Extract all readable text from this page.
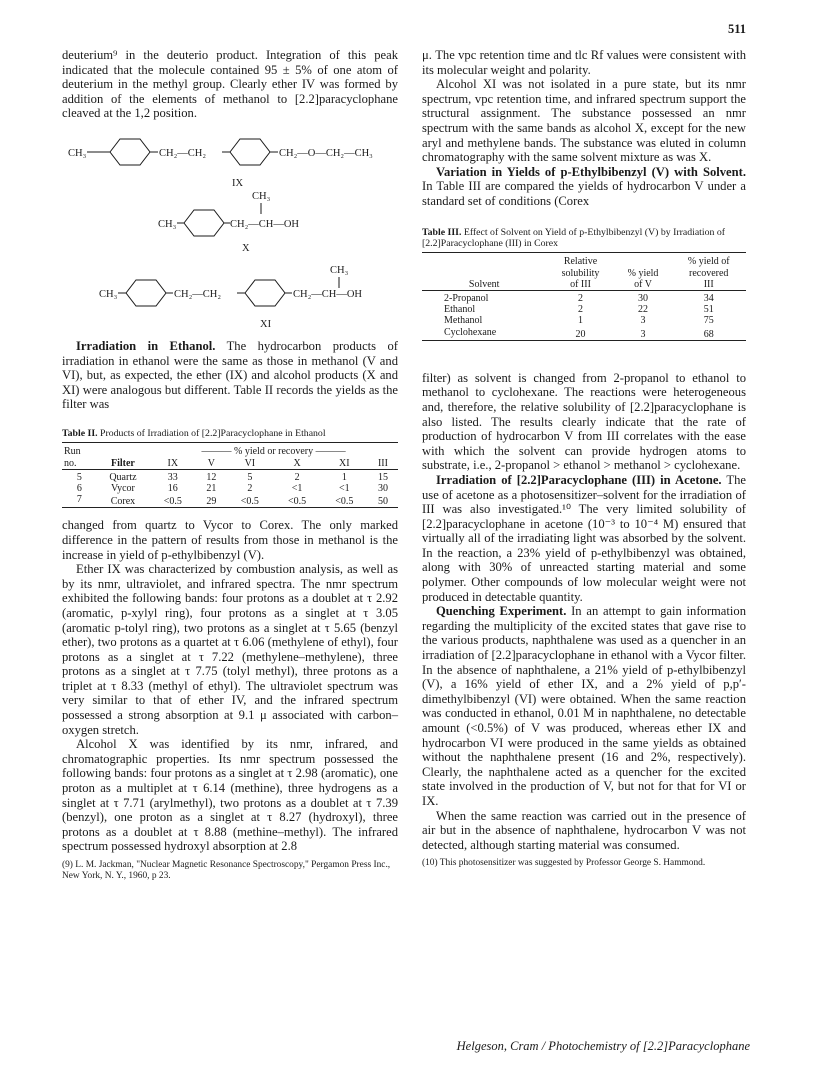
511

deuterium⁹ in the deuterio product. Integration of this peak indicated that the molecule contained 95 ± 5% of one atom of deuterium in the methyl group. Clearly ether IV was formed by addition of the elements of methanol to [2.2]paracyclophane cleaved at the 1,2 position.

CH₃	CH₂—CH₂	CH₂—O—CH₂—CH₃
IX
CH₃
CH₃	CH₂—CH—OH
X
CH₃
CH₃	CH₂—CH₂	CH₂—CH—OH
XI

Irradiation in Ethanol. The hydrocarbon products of irradiation in ethanol were the same as those in methanol (V and VI), but, as expected, the ether (IX) and alcohol products (X and XI) were analogous but different. Table II records the yields as the filter was

Table II. Products of Irradiation of [2.2]Paracyclophane in Ethanol

Run		——— % yield or recovery ———					
no.	Filter	IX	V	VI	X	XI	III
5	Quartz	33	12	5	2	1	15
6	Vycor	16	21	2	<1	<1	30
7	Corex	<0.5	29	<0.5	<0.5	<0.5	50

changed from quartz to Vycor to Corex. The only marked difference in the pattern of results from those in methanol is the increase in yield of p-ethylbibenzyl (V).

Ether IX was characterized by combustion analysis, as well as by its nmr, ultraviolet, and infrared spectra. The nmr spectrum exhibited the following bands: four protons as a doublet at τ 2.92 (aromatic, p-xylyl ring), four protons as a singlet at τ 3.05 (aromatic p-tolyl ring), two protons as a singlet at τ 5.65 (benzyl ether), two protons as a quartet at τ 6.06 (methylene of ethyl), four protons as a singlet at τ 7.22 (methylene–methylene), three protons as a singlet at τ 7.75 (tolyl methyl), three protons as a triplet at τ 8.33 (methyl of ethyl). The ultraviolet spectrum was very similar to that of ether IV, and the infrared spectrum possessed a strong absorption at 9.1 μ associated with carbon–oxygen stretch.

Alcohol X was identified by its nmr, infrared, and chromatographic properties. Its nmr spectrum possessed the following bands: four protons as a singlet at τ 2.98 (aromatic), one proton as a multiplet at τ 6.14 (methine), three hydrogens as a singlet at τ 7.71 (arylmethyl), two protons as a doublet at τ 7.39 (benzyl), one proton as a singlet at τ 8.27 (hydroxyl), three protons as a doublet at τ 8.88 (methine–methyl). The infrared spectrum possessed hydroxyl absorption at 2.8

(9) L. M. Jackman, "Nuclear Magnetic Resonance Spectroscopy," Pergamon Press Inc., New York, N. Y., 1960, p 23.

μ. The vpc retention time and tlc Rf values were consistent with its molecular weight and polarity.

Alcohol XI was not isolated in a pure state, but its nmr spectrum, vpc retention time, and infrared spectrum support the structural assignment. The substance possessed an nmr spectrum with the same bands as alcohol X, except for the new aryl and methylene bands. The substance was eluted in column chromatography with the same solvent mixture as was X.

Variation in Yields of p-Ethylbibenzyl (V) with Solvent. In Table III are compared the yields of hydrocarbon V under a standard set of conditions (Corex

Table III. Effect of Solvent on Yield of p-Ethylbibenzyl (V) by Irradiation of [2.2]Paracyclophane (III) in Corex

Solvent	Relative
solubility
of III	% yield
of V	% yield of
recovered
III
2-Propanol	2	30	34
Ethanol	2	22	51
Methanol	1	3	75
Cyclohexane	20	3	68

filter) as solvent is changed from 2-propanol to ethanol to methanol to cyclohexane. The reactions were heterogeneous and, therefore, the relative solubility of [2.2]paracyclophane is also listed. The results clearly indicate that the rate of production of hydrocarbon V from III correlates with the ease with which the solvent can provide hydrogen atoms to substrate, i.e., 2-propanol > ethanol > methanol > cyclohexane.

Irradiation of [2.2]Paracyclophane (III) in Acetone. The use of acetone as a photosensitizer–solvent for the irradiation of III was also investigated.¹⁰ The very limited solubility of [2.2]paracyclophane in acetone (10⁻³ to 10⁻⁴ M) ensured that virtually all of the irradiating light was absorbed by the solvent. In the reaction, a 23% yield of p-ethylbibenzyl was obtained, along with 30% of unreacted starting material and some polymer. Other compounds of low molecular weight were not produced in detectable quantity.

Quenching Experiment. In an attempt to gain information regarding the multiplicity of the excited states that gave rise to the various products, naphthalene was used as a quencher in an irradiation of [2.2]paracyclophane in ethanol with a Vycor filter. In the absence of naphthalene, a 21% yield of p-ethylbibenzyl (V), a 16% yield of ether IX, and a 2% yield of p,p′-dimethylbibenzyl (VI) were obtained. When the same reaction was conducted in ethanol, 0.01 M in naphthalene, no detectable amount (<0.5%) of V was produced, whereas ether IX and hydrocarbon VI were produced in the same yields as obtained without the naphthalene present (16 and 2%, respectively). Clearly, the naphthalene acted as a quencher for the excited state involved in the production of V, but not for that for VI or IX.

When the same reaction was carried out in the presence of air but in the absence of naphthalene, hydrocarbon V was not detected, although starting material was consumed.

(10) This photosensitizer was suggested by Professor George S. Hammond.

Helgeson, Cram / Photochemistry of [2.2]Paracyclophane
